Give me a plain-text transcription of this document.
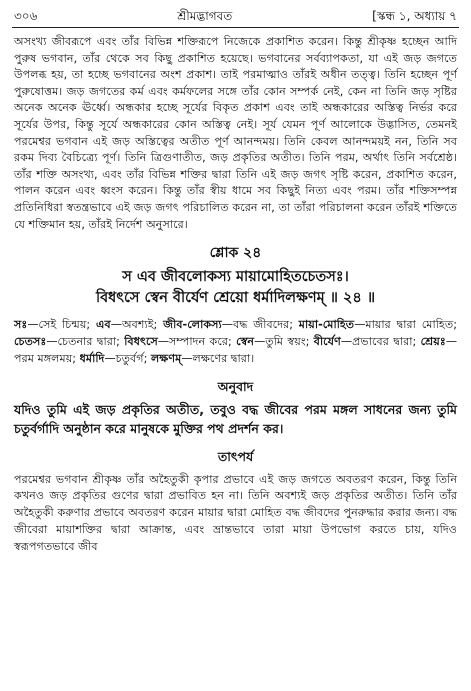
৩০৬	শ্রীমদ্ভাগবত	[স্কন্ধ ১, অধ্যায় ৭

অসংখ্য জীবরূপে এবং তাঁর বিভিন্ন শক্তিরূপে নিজেকে প্রকাশিত করেন। কিন্তু শ্রীকৃষ্ণ হচ্ছেন আদি পুরুষ ভগবান, তাঁর থেকে সব কিছু প্রকাশিত হয়েছে। ভগবানের সর্বব্যাপকতা, যা এই জড় জগতে উপলব্ধ হয়, তা হচ্ছে ভগবানের অংশ প্রকাশ। তাই পরমাত্মাও তাঁরই অধীন তত্ত্ব। তিনি হচ্ছেন পূর্ণ পুরুষোত্তম। জড় জগতের কর্ম এবং কর্মফলের সঙ্গে তাঁর কোন সম্পর্ক নেই, কেন না তিনি জড় সৃষ্টির অনেক অনেক ঊর্ধ্বে। অন্ধকার হচ্ছে সূর্যের বিকৃত প্রকাশ এবং তাই অন্ধকারের অস্তিত্ব নির্ভর করে সূর্যের উপর, কিন্তু সূর্যে অন্ধকারের কোন অস্তিত্ব নেই। সূর্য যেমন পূর্ণ আলোকে উদ্ভাসিত, তেমনই পরমেশ্বর ভগবান এই জড় অস্তিত্বের অতীত পূর্ণ আনন্দময়। তিনি কেবল আনন্দময়ই নন, তিনি সব রকম দিব্য বৈচিত্র্যে পূর্ণ। তিনি ত্রিগুণাতীত, জড় প্রকৃতির অতীত। তিনি পরম, অর্থাৎ তিনি সর্বশ্রেষ্ঠ। তাঁর শক্তি অসংখ্য, এবং তাঁর বিভিন্ন শক্তির দ্বারা তিনি এই জড় জগৎ সৃষ্টি করেন, প্রকাশিত করেন, পালন করেন এবং ধ্বংস করেন। কিন্তু তাঁর স্বীয় ধামে সব কিছুই নিত্য এবং পরম। তাঁর শক্তিসম্পন্ন প্রতিনিধিরা স্বতন্ত্রভাবে এই জড় জগৎ পরিচালিত করেন না, তা তাঁরা পরিচালনা করেন তাঁরই শক্তিতে যে শক্তিমান হয়, তাঁরই নির্দেশ অনুসারে।

শ্লোক ২৪
স এব জীবলোকস্য মায়ামোহিতচেতসঃ।
বিধৎসে স্বেন বীর্যেণ শ্রেয়ো ধর্মাদিলক্ষণম্ ॥ ২৪ ॥
সঃ—সেই চিন্ময়; এব—অবশ্যই; জীব-লোকস্য—বদ্ধ জীবদের; মায়া-মোহিত—মায়ার দ্বারা মোহিত; চেতসঃ—চেতনার দ্বারা; বিধৎসে—সম্পাদন করে; স্বেন—তুমি স্বয়ং; বীর্যেণ—প্রভাবের দ্বারা; শ্রেয়ঃ—পরম মঙ্গলময়; ধর্মাদি—চতুর্বর্গ; লক্ষণম্—লক্ষণের দ্বারা।
অনুবাদ
যদিও তুমি এই জড় প্রকৃতির অতীত, তবুও বদ্ধ জীবের পরম মঙ্গল সাধনের জন্য তুমি চতুর্বর্গাদি অনুষ্ঠান করে মানুষকে মুক্তির পথ প্রদর্শন কর।
তাৎপর্য
পরমেশ্বর ভগবান শ্রীকৃষ্ণ তাঁর অহৈতুকী কৃপার প্রভাবে এই জড় জগতে অবতরণ করেন, কিন্তু তিনি কখনও জড় প্রকৃতির গুণের দ্বারা প্রভাবিত হন না। তিনি অবশ্যই জড় প্রকৃতির অতীত। তিনি তাঁর অহৈতুকী করুণার প্রভাবে অবতরণ করেন মায়ার দ্বারা মোহিত বদ্ধ জীবদের পুনরুদ্ধার করার জন্য। বদ্ধ জীবেরা মায়াশক্তির দ্বারা আক্রান্ত, এবং ভ্রান্তভাবে তারা মায়া উপভোগ করতে চায়, যদিও স্বরূপগতভাবে জীব
